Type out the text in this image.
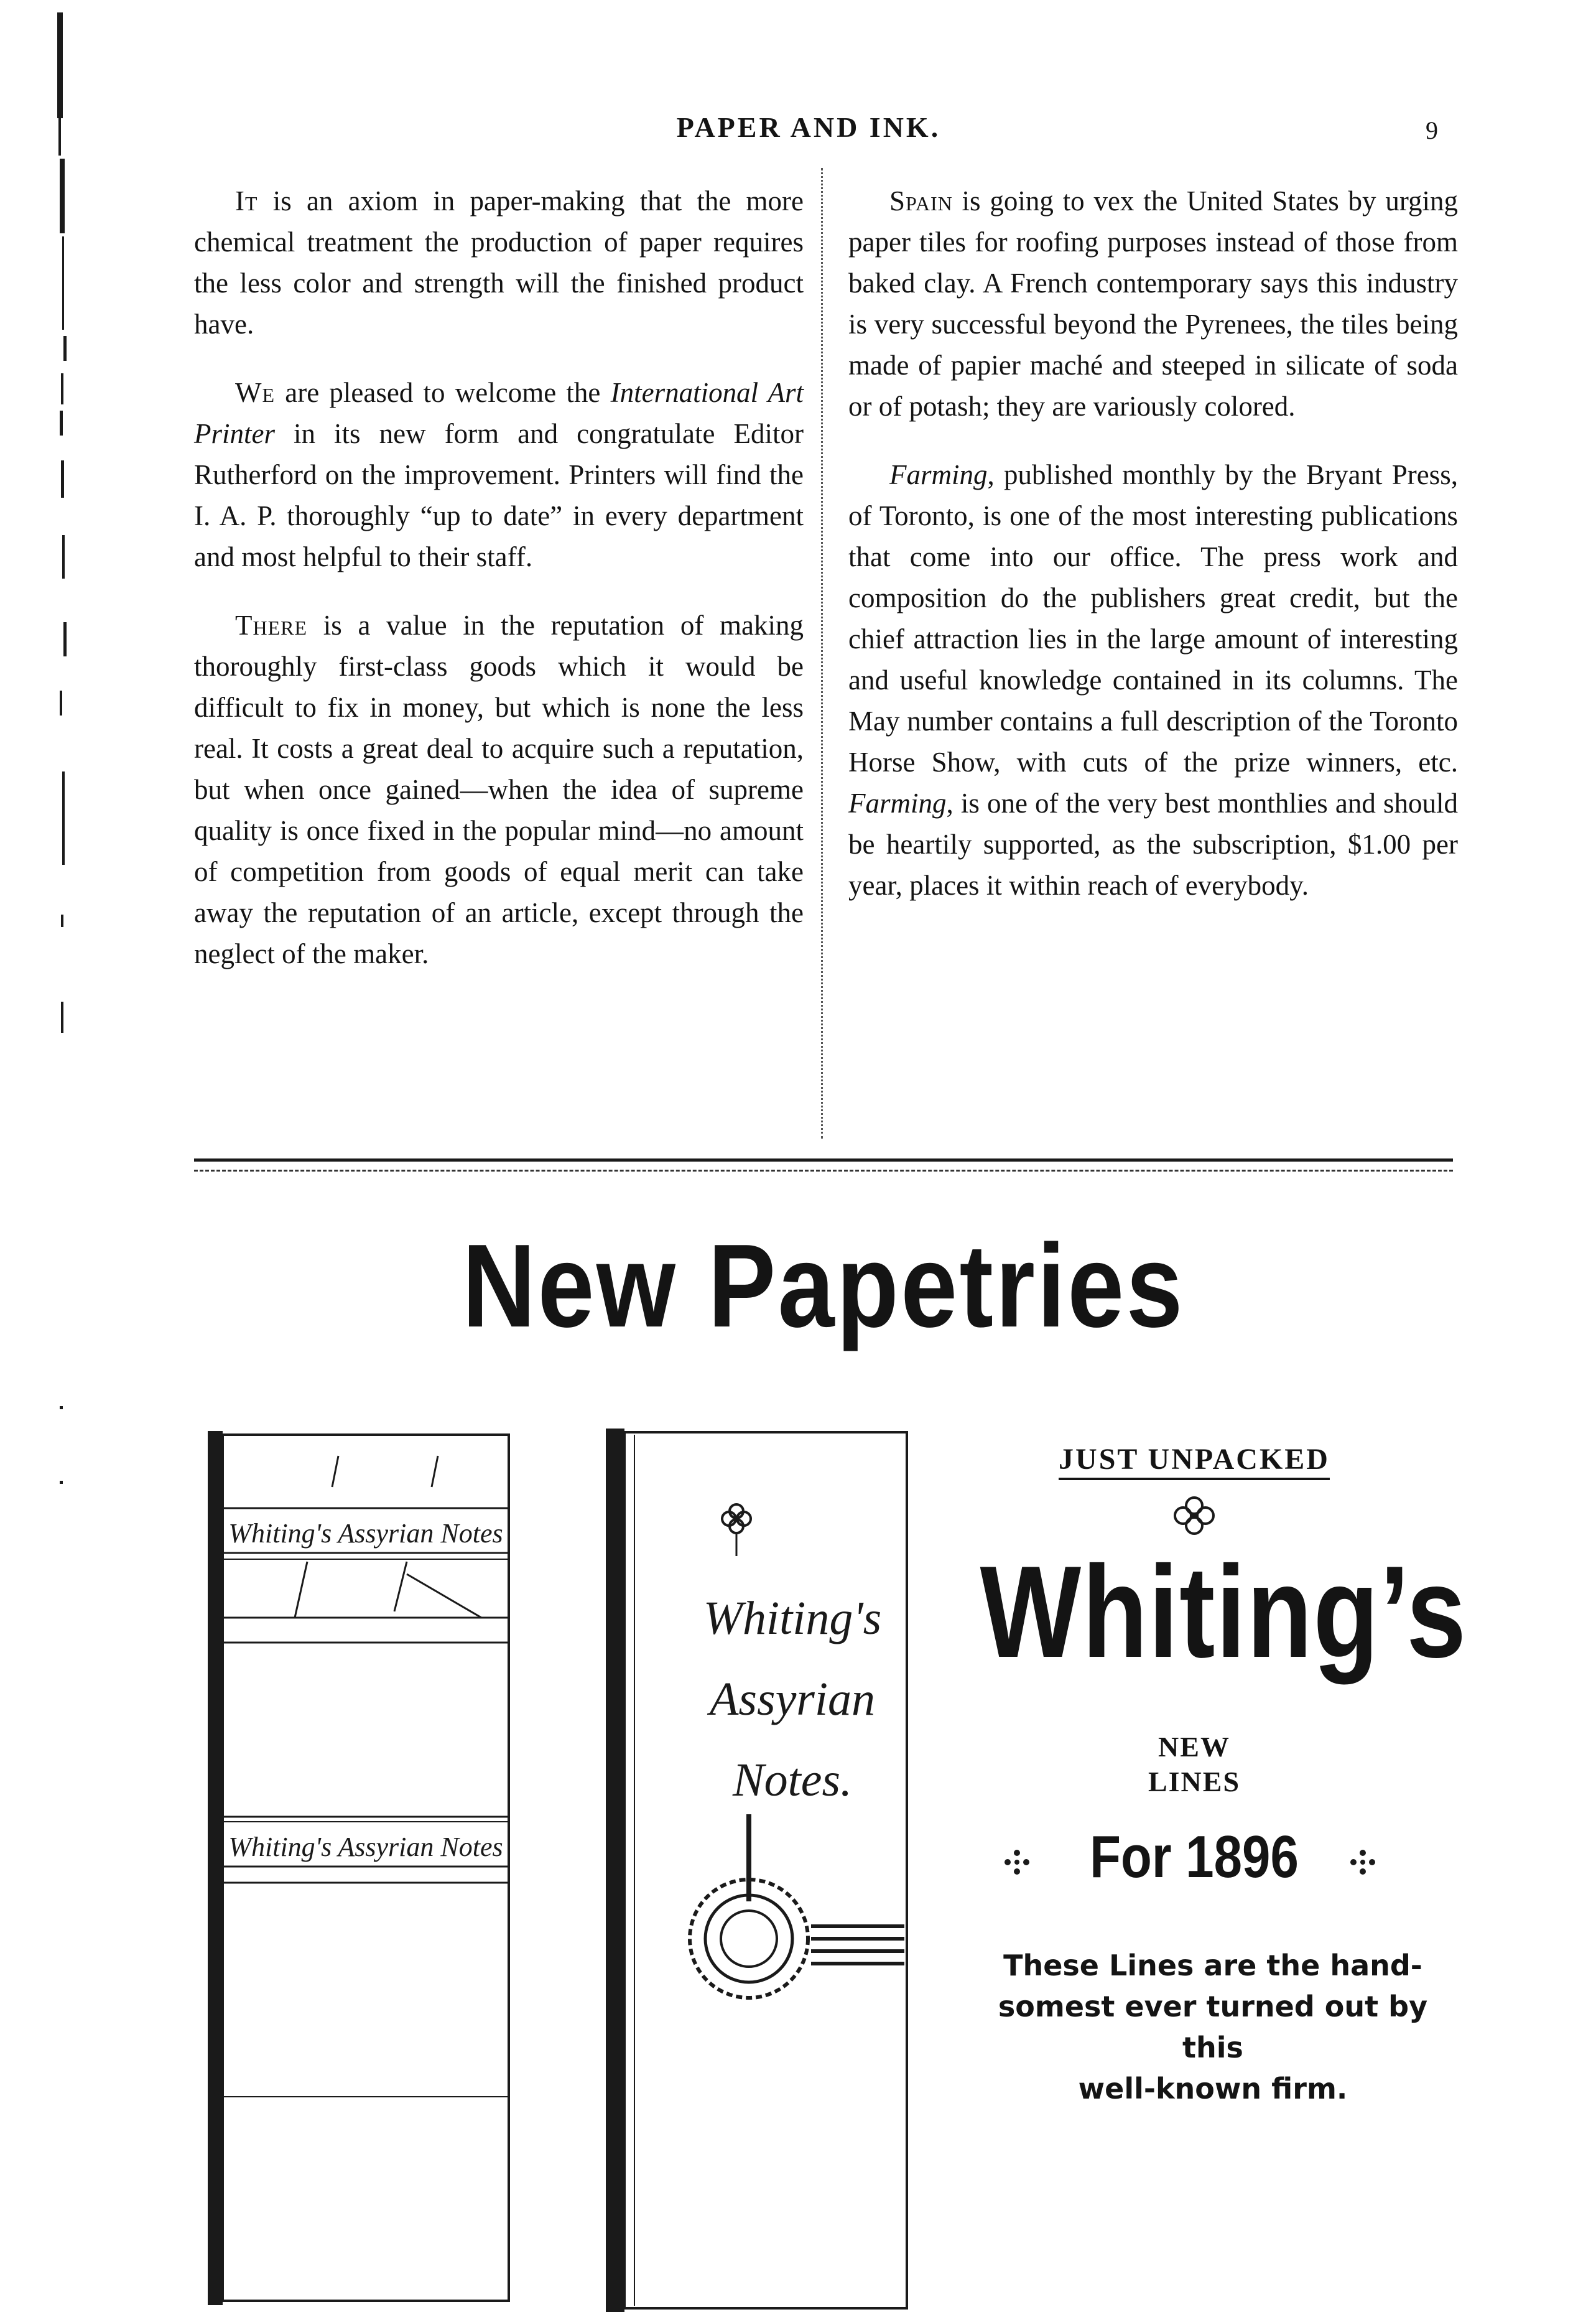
PAPER AND INK.	9

It is an axiom in paper-making that the more chemical treatment the production of paper requires the less color and strength will the finished product have.

We are pleased to welcome the International Art Printer in its new form and congratulate Editor Rutherford on the improvement. Printers will find the I. A. P. thoroughly “up to date” in every department and most helpful to their staff.

There is a value in the reputation of making thoroughly first-class goods which it would be difficult to fix in money, but which is none the less real. It costs a great deal to acquire such a reputation, but when once gained—when the idea of supreme quality is once fixed in the popular mind—no amount of competition from goods of equal merit can take away the reputation of an article, except through the neglect of the maker.

Spain is going to vex the United States by urging paper tiles for roofing purposes instead of those from baked clay. A French contemporary says this industry is very successful beyond the Pyrenees, the tiles being made of papier maché and steeped in silicate of soda or of potash; they are variously colored.

Farming, published monthly by the Bryant Press, of Toronto, is one of the most interesting publications that come into our office. The press work and composition do the publishers great credit, but the chief attraction lies in the large amount of interesting and useful knowledge contained in its columns. The May number contains a full description of the Toronto Horse Show, with cuts of the prize winners, etc. Farming, is one of the very best monthlies and should be heartily supported, as the subscription, $1.00 per year, places it within reach of everybody.

New Papetries
Whiting's Assyrian Notes
Whiting's Assyrian Notes
Whiting's
Assyrian
Notes.
JUST UNPACKED
Whiting’s
NEW
LINES
For 1896
These Lines are the hand-
somest ever turned out by this
well-known firm.
